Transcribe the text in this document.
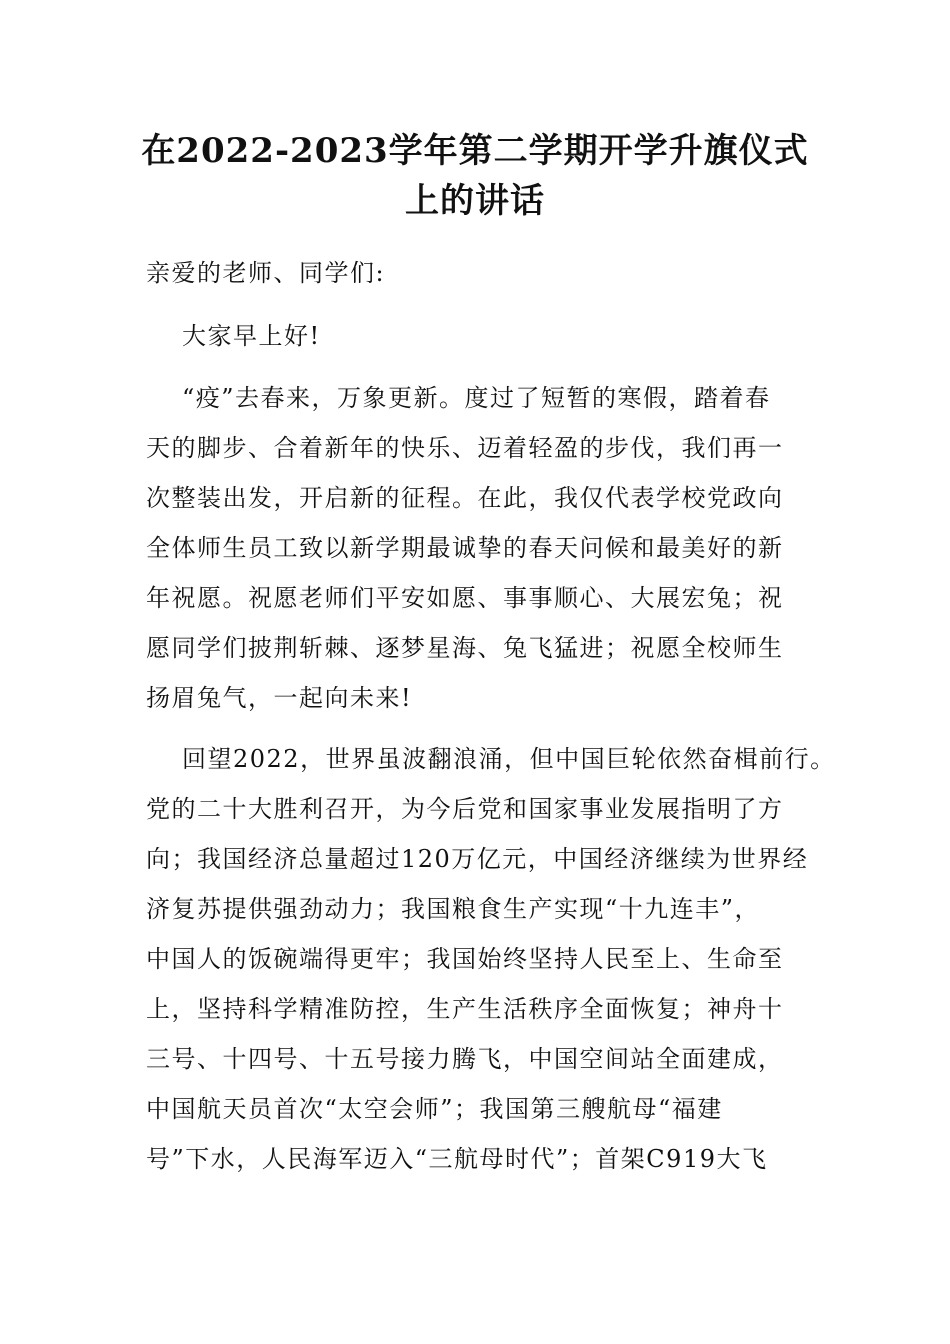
在2022-2023学年第二学期开学升旗仪式
上的讲话

亲爱的老师、同学们:

大家早上好!

“疫”去春来，万象更新。度过了短暂的寒假，踏着春

天的脚步、合着新年的快乐、迈着轻盈的步伐，我们再一

次整装出发，开启新的征程。在此，我仅代表学校党政向

全体师生员工致以新学期最诚挚的春天问候和最美好的新

年祝愿。祝愿老师们平安如愿、事事顺心、大展宏兔；祝

愿同学们披荆斩棘、逐梦星海、兔飞猛进；祝愿全校师生

扬眉兔气，一起向未来!

回望2022，世界虽波翻浪涌，但中国巨轮依然奋楫前行。

党的二十大胜利召开，为今后党和国家事业发展指明了方

向；我国经济总量超过120万亿元，中国经济继续为世界经

济复苏提供强劲动力；我国粮食生产实现“十九连丰”，

中国人的饭碗端得更牢；我国始终坚持人民至上、生命至

上，坚持科学精准防控，生产生活秩序全面恢复；神舟十

三号、十四号、十五号接力腾飞，中国空间站全面建成，

中国航天员首次“太空会师”；我国第三艘航母“福建

号”下水，人民海军迈入“三航母时代”；首架C919大飞
